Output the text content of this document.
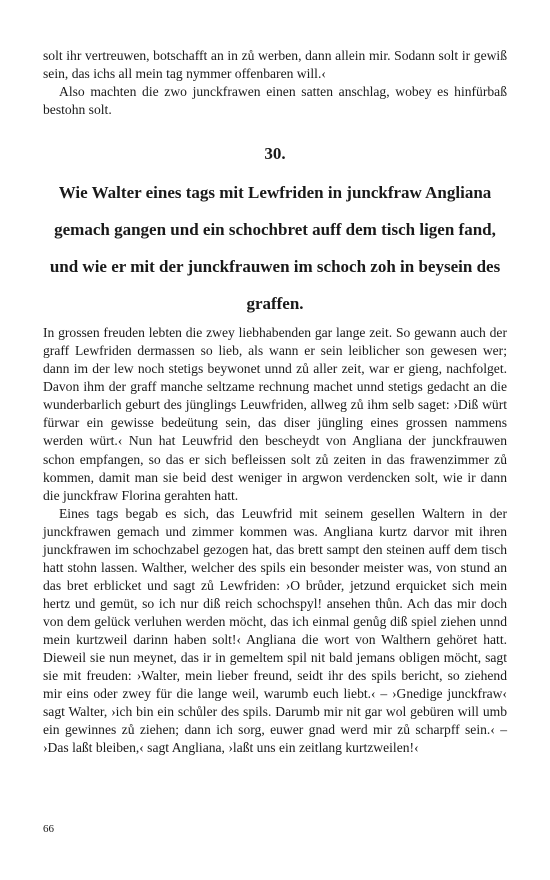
solt ihr vertreuwen, botschafft an in zů werben, dann allein mir. Sodann solt ir gewiß sein, das ichs all mein tag nymmer offenbaren will.‹

Also machten die zwo junckfrawen einen satten anschlag, wobey es hinfürbaß bestohn solt.

30.
Wie Walter eines tags mit Lewfriden in junckfraw Angliana gemach gangen und ein schochbret auff dem tisch ligen fand, und wie er mit der junckfrauwen im schoch zoh in beysein des graffen.

In grossen freuden lebten die zwey liebhabenden gar lange zeit. So gewann auch der graff Lewfriden dermassen so lieb, als wann er sein leiblicher son gewesen wer; dann im der lew noch stetigs beywonet unnd zů aller zeit, war er gieng, nachfolget. Davon ihm der graff manche seltzame rechnung machet unnd stetigs gedacht an die wunderbarlich geburt des jünglings Leuwfriden, allweg zů ihm selb saget: ›Diß würt fürwar ein gewisse bedeütung sein, das diser jüngling eines grossen nammens werden würt.‹ Nun hat Leuwfrid den bescheydt von Angliana der junckfrauwen schon empfangen, so das er sich befleissen solt zů zeiten in das frawenzimmer zů kommen, damit man sie beid dest weniger in argwon verdencken solt, wie ir dann die junckfraw Florina gerahten hatt.

Eines tags begab es sich, das Leuwfrid mit seinem gesellen Waltern in der junckfrawen gemach und zimmer kommen was. Angliana kurtz darvor mit ihren junckfrawen im schochzabel gezogen hat, das brett sampt den steinen auff dem tisch hatt stohn lassen. Walther, welcher des spils ein besonder meister was, von stund an das bret erblicket und sagt zů Lewfriden: ›O brůder, jetzund erquicket sich mein hertz und gemüt, so ich nur diß reich schochspyl! ansehen thůn. Ach das mir doch von dem gelück verluhen werden möcht, das ich einmal genůg diß spiel ziehen unnd mein kurtzweil darinn haben solt!‹ Angliana die wort von Walthern gehöret hatt. Dieweil sie nun meynet, das ir in gemeltem spil nit bald jemans obligen möcht, sagt sie mit freuden: ›Walter, mein lieber freund, seidt ihr des spils bericht, so ziehend mir eins oder zwey für die lange weil, warumb euch liebt.‹ – ›Gnedige junckfraw‹ sagt Walter, ›ich bin ein schůler des spils. Darumb mir nit gar wol gebüren will umb ein gewinnes zů ziehen; dann ich sorg, euwer gnad werd mir zů scharpff sein.‹ – ›Das laßt bleiben,‹ sagt Angliana, ›laßt uns ein zeitlang kurtzweilen!‹

66
